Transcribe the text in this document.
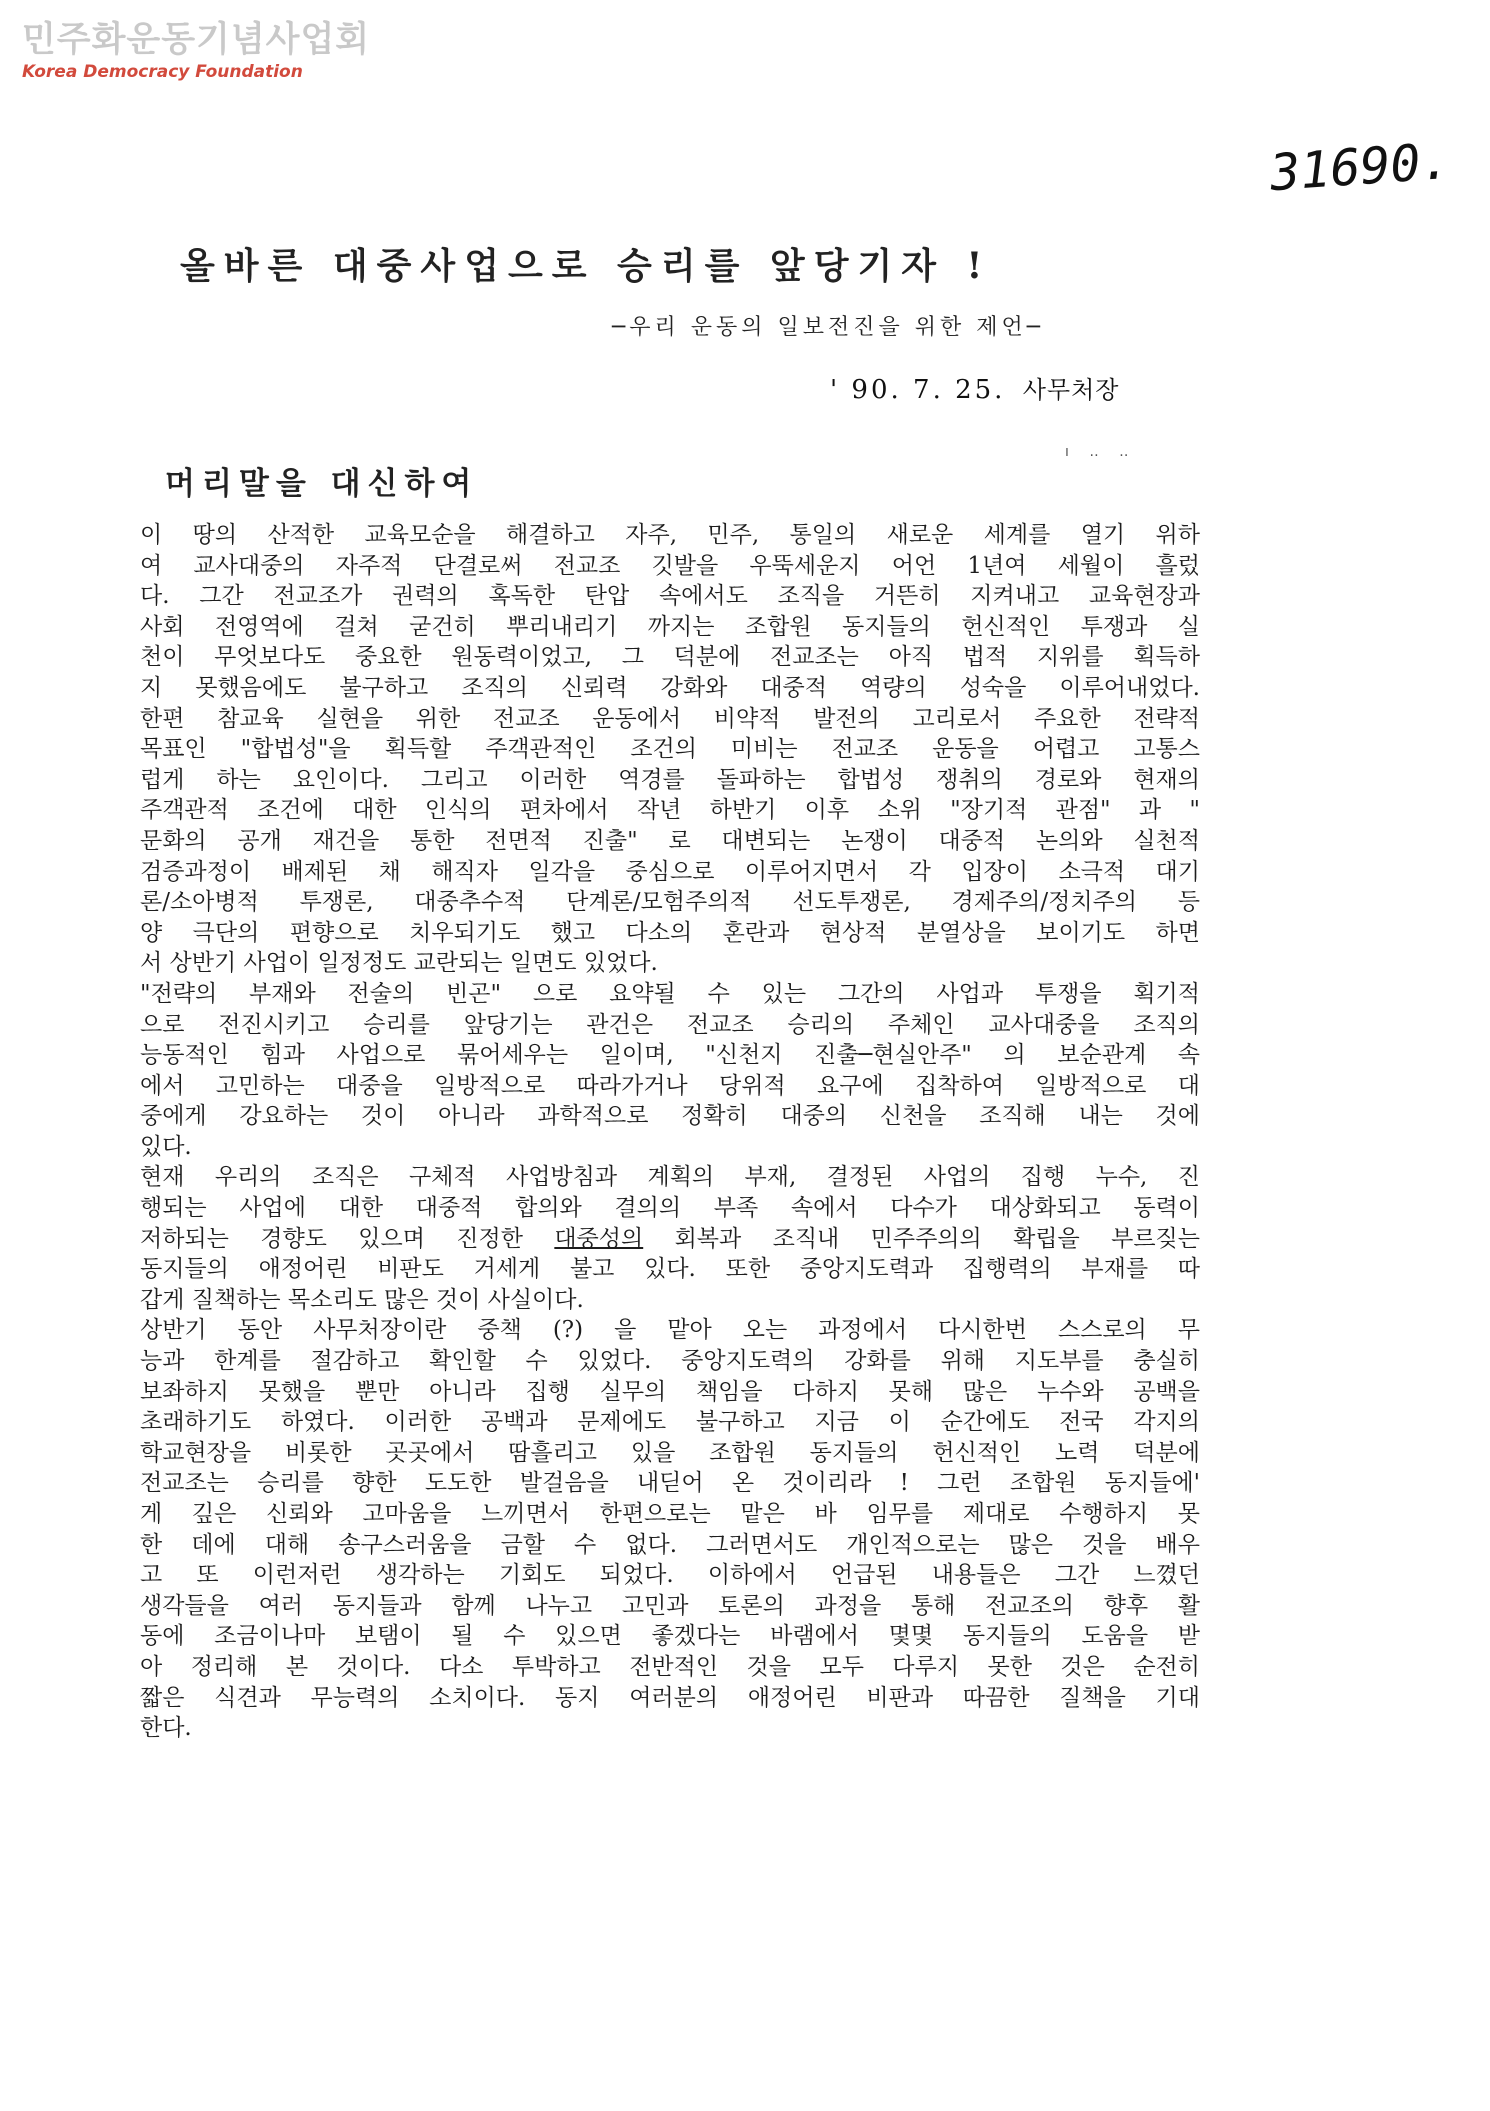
민주화운동기념사업회
Korea Democracy Foundation
31690.
올바른 대중사업으로 승리를 앞당기자 !
─우리 운동의 일보전진을 위한 제언─
' 90. 7. 25. 사무처장
ı ‥ ‥
머리말을 대신하여
이 땅의 산적한 교육모순을 해결하고 자주, 민주, 통일의 새로운 세계를 열기 위하
여 교사대중의 자주적 단결로써 전교조 깃발을 우뚝세운지 어언 1년여 세월이 흘렀
다. 그간 전교조가 권력의 혹독한 탄압 속에서도 조직을 거뜬히 지켜내고 교육현장과
사회 전영역에 걸쳐 굳건히 뿌리내리기 까지는 조합원 동지들의 헌신적인 투쟁과 실
천이 무엇보다도 중요한 원동력이었고, 그 덕분에 전교조는 아직 법적 지위를 획득하
지 못했음에도 불구하고 조직의 신뢰력 강화와 대중적 역량의 성숙을 이루어내었다.
한편 참교육 실현을 위한 전교조 운동에서 비약적 발전의 고리로서 주요한 전략적
목표인 "합법성"을 획득할 주객관적인 조건의 미비는 전교조 운동을 어렵고 고통스
럽게 하는 요인이다. 그리고 이러한 역경를 돌파하는 합법성 쟁취의 경로와 현재의
주객관적 조건에 대한 인식의 편차에서 작년 하반기 이후 소위 "장기적 관점" 과 "
문화의 공개 재건을 통한 전면적 진출" 로 대변되는 논쟁이 대중적 논의와 실천적
검증과정이 배제된 채 해직자 일각을 중심으로 이루어지면서 각 입장이 소극적 대기
론/소아병적 투쟁론, 대중추수적 단계론/모험주의적 선도투쟁론, 경제주의/정치주의 등
양 극단의 편향으로 치우되기도 했고 다소의 혼란과 현상적 분열상을 보이기도 하면
서 상반기 사업이 일정정도 교란되는 일면도 있었다.
"전략의 부재와 전술의 빈곤" 으로 요약될 수 있는 그간의 사업과 투쟁을 획기적
으로 전진시키고 승리를 앞당기는 관건은 전교조 승리의 주체인 교사대중을 조직의
능동적인 힘과 사업으로 묶어세우는 일이며, "신천지 진출─현실안주" 의 보순관계 속
에서 고민하는 대중을 일방적으로 따라가거나 당위적 요구에 집착하여 일방적으로 대
중에게 강요하는 것이 아니라 과학적으로 정확히 대중의 신천을 조직해 내는 것에
있다.
현재 우리의 조직은 구체적 사업방침과 계획의 부재, 결정된 사업의 집행 누수, 진
행되는 사업에 대한 대중적 합의와 결의의 부족 속에서 다수가 대상화되고 동력이
저하되는 경향도 있으며 진정한 대중성의 회복과 조직내 민주주의의 확립을 부르짖는
동지들의 애정어린 비판도 거세게 불고 있다. 또한 중앙지도력과 집행력의 부재를 따
갑게 질책하는 목소리도 많은 것이 사실이다.
상반기 동안 사무처장이란 중책 (?) 을 맡아 오는 과정에서 다시한번 스스로의 무
능과 한계를 절감하고 확인할 수 있었다. 중앙지도력의 강화를 위해 지도부를 충실히
보좌하지 못했을 뿐만 아니라 집행 실무의 책임을 다하지 못해 많은 누수와 공백을
초래하기도 하였다. 이러한 공백과 문제에도 불구하고 지금 이 순간에도 전국 각지의
학교현장을 비롯한 곳곳에서 땀흘리고 있을 조합원 동지들의 헌신적인 노력 덕분에
전교조는 승리를 향한 도도한 발걸음을 내딛어 온 것이리라 ! 그런 조합원 동지들에'
게 깊은 신뢰와 고마움을 느끼면서 한편으로는 맡은 바 임무를 제대로 수행하지 못
한 데에 대해 송구스러움을 금할 수 없다. 그러면서도 개인적으로는 많은 것을 배우
고 또 이런저런 생각하는 기회도 되었다. 이하에서 언급된 내용들은 그간 느꼈던
생각들을 여러 동지들과 함께 나누고 고민과 토론의 과정을 통해 전교조의 향후 활
동에 조금이나마 보탬이 될 수 있으면 좋겠다는 바램에서 몇몇 동지들의 도움을 받
아 정리해 본 것이다. 다소 투박하고 전반적인 것을 모두 다루지 못한 것은 순전히
짧은 식견과 무능력의 소치이다. 동지 여러분의 애정어린 비판과 따끔한 질책을 기대
한다.
